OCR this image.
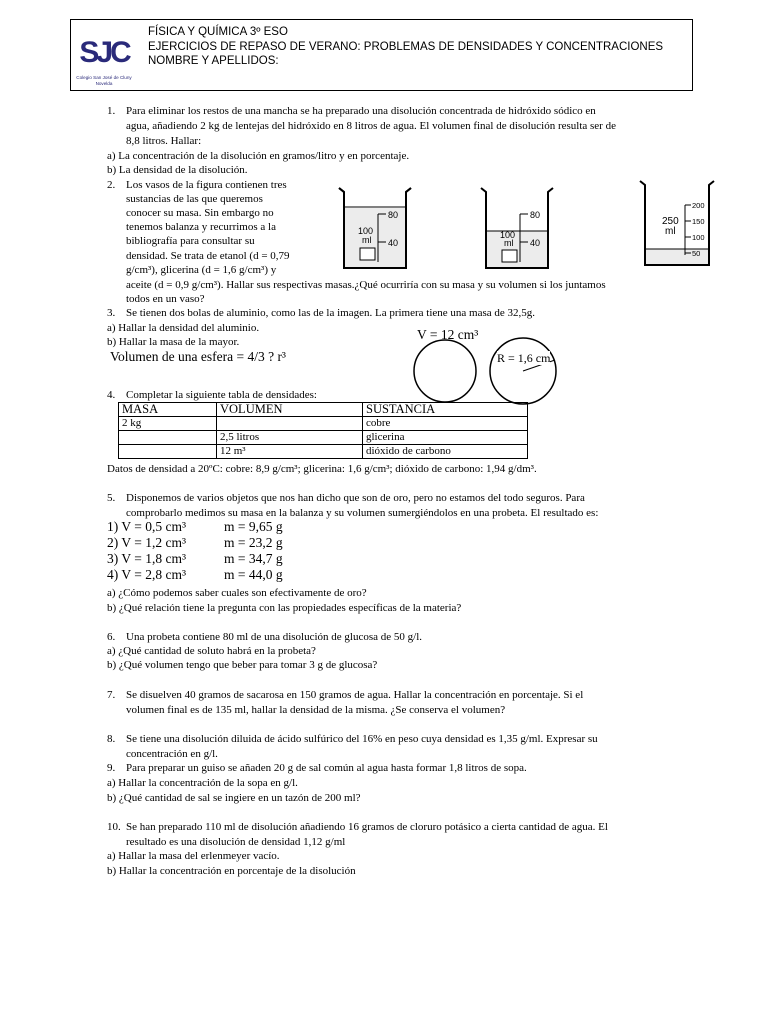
SJC
Colegio San José de Cluny
Novelda
FÍSICA Y QUÍMICA 3º ESO
EJERCICIOS DE REPASO DE VERANO: PROBLEMAS DE DENSIDADES Y CONCENTRACIONES
NOMBRE Y APELLIDOS:
1. Para eliminar los restos de una mancha se ha preparado una disolución concentrada de hidróxido sódico en
agua, añadiendo 2 kg de lentejas del hidróxido en 8 litros de agua. El volumen final de disolución resulta ser de
8,8 litros. Hallar:
a) La concentración de la disolución en gramos/litro y en porcentaje.
b) La densidad de la disolución.
2. Los vasos de la figura contienen tres
sustancias de las que queremos
conocer su masa. Sin embargo no
tenemos balanza y recurrimos a la
bibliografía para consultar su
densidad. Se trata de etanol (d = 0,79
g/cm³), glicerina (d = 1,6 g/cm³) y
aceite (d = 0,9 g/cm³). Hallar sus respectivas masas.¿Qué ocurriría con su masa y su volumen si los juntamos
todos en un vaso?
80
40
100
ml
80
40
100
ml
200
150
100
50
250
ml
3. Se tienen dos bolas de aluminio, como las de la imagen. La primera tiene una masa de 32,5g.
a) Hallar la densidad del aluminio.
b) Hallar la masa de la mayor.
Volumen de una esfera = 4/3 ? r³
V = 12 cm³
R = 1,6 cm
4. Completar la siguiente tabla de densidades:
MASA	VOLUMEN	SUSTANCIA
2 kg		cobre
	2,5 litros	glicerina
	12 m³	dióxido de carbono
Datos de densidad a 20ºC: cobre: 8,9 g/cm³; glicerina: 1,6 g/cm³; dióxido de carbono: 1,94 g/dm³.
5. Disponemos de varios objetos que nos han dicho que son de oro, pero no estamos del todo seguros. Para
comprobarlo medimos su masa en la balanza y su volumen sumergiéndolos en una probeta. El resultado es:
1) V = 0,5 cm³	m = 9,65 g
2) V = 1,2 cm³	m = 23,2 g
3) V = 1,8 cm³	m = 34,7 g
4) V = 2,8 cm³	m = 44,0 g
a) ¿Cómo podemos saber cuales son efectivamente de oro?
b) ¿Qué relación tiene la pregunta con las propiedades específicas de la materia?
6. Una probeta contiene 80 ml de una disolución de glucosa de 50 g/l.
a) ¿Qué cantidad de soluto habrá en la probeta?
b) ¿Qué volumen tengo que beber para tomar 3 g de glucosa?
7. Se disuelven 40 gramos de sacarosa en 150 gramos de agua. Hallar la concentración en porcentaje. Si el
volumen final es de 135 ml, hallar la densidad de la misma. ¿Se conserva el volumen?
8. Se tiene una disolución diluida de ácido sulfúrico del 16% en peso cuya densidad es 1,35 g/ml. Expresar su
concentración en g/l.
9. Para preparar un guiso se añaden 20 g de sal común al agua hasta formar 1,8 litros de sopa.
a) Hallar la concentración de la sopa en g/l.
b) ¿Qué cantidad de sal se ingiere en un tazón de 200 ml?
10. Se han preparado 110 ml de disolución añadiendo 16 gramos de cloruro potásico a cierta cantidad de agua. El
resultado es una disolución de densidad 1,12 g/ml
a) Hallar la masa del erlenmeyer vacío.
b) Hallar la concentración en porcentaje de la disolución
